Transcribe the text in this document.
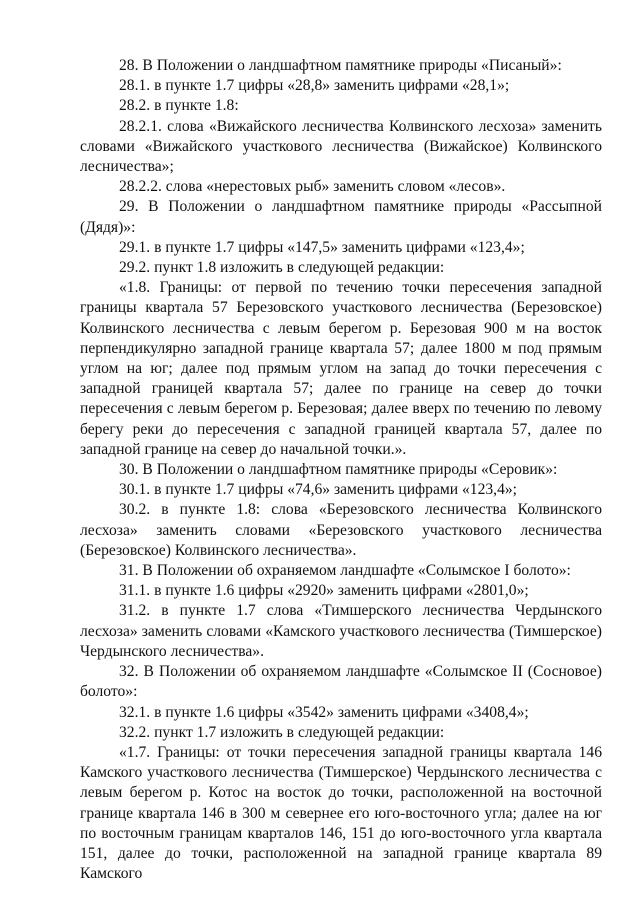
28. В Положении о ландшафтном памятнике природы «Писаный»:

28.1. в пункте 1.7 цифры «28,8» заменить цифрами «28,1»;

28.2. в пункте 1.8:

28.2.1. слова «Вижайского лесничества Колвинского лесхоза» заменить словами «Вижайского участкового лесничества (Вижайское) Колвинского лесничества»;

28.2.2. слова «нерестовых рыб» заменить словом «лесов».

29. В Положении о ландшафтном памятнике природы «Рассыпной (Дядя)»:

29.1. в пункте 1.7 цифры «147,5» заменить цифрами «123,4»;

29.2. пункт 1.8 изложить в следующей редакции:

«1.8. Границы: от первой по течению точки пересечения западной границы квартала 57 Березовского участкового лесничества (Березовское) Колвинского лесничества с левым берегом р. Березовая 900 м на восток перпендикулярно западной границе квартала 57; далее 1800 м под прямым углом на юг; далее под прямым углом на запад до точки пересечения с западной границей квартала 57; далее по границе на север до точки пересечения с левым берегом р. Березовая; далее вверх по течению по левому берегу реки до пересечения с западной границей квартала 57, далее по западной границе на север до начальной точки.».

30. В Положении о ландшафтном памятнике природы «Серовик»:

30.1. в пункте 1.7 цифры «74,6» заменить цифрами «123,4»;

30.2. в пункте 1.8: слова «Березовского лесничества Колвинского лесхоза» заменить словами «Березовского участкового лесничества (Березовское) Колвинского лесничества».

31. В Положении об охраняемом ландшафте «Солымское I болото»:

31.1. в пункте 1.6 цифры «2920» заменить цифрами «2801,0»;

31.2. в пункте 1.7 слова «Тимшерского лесничества Чердынского лесхоза» заменить словами «Камского участкового лесничества (Тимшерское) Чердынского лесничества».

32. В Положении об охраняемом ландшафте «Солымское II (Сосновое) болото»:

32.1. в пункте 1.6 цифры «3542» заменить цифрами «3408,4»;

32.2. пункт 1.7 изложить в следующей редакции:

«1.7. Границы: от точки пересечения западной границы квартала 146 Камского участкового лесничества (Тимшерское) Чердынского лесничества с левым берегом р. Котос на восток до точки, расположенной на восточной границе квартала 146 в 300 м севернее его юго-восточного угла; далее на юг по восточным границам кварталов 146, 151 до юго-восточного угла квартала 151, далее до точки, расположенной на западной границе квартала 89 Камского
